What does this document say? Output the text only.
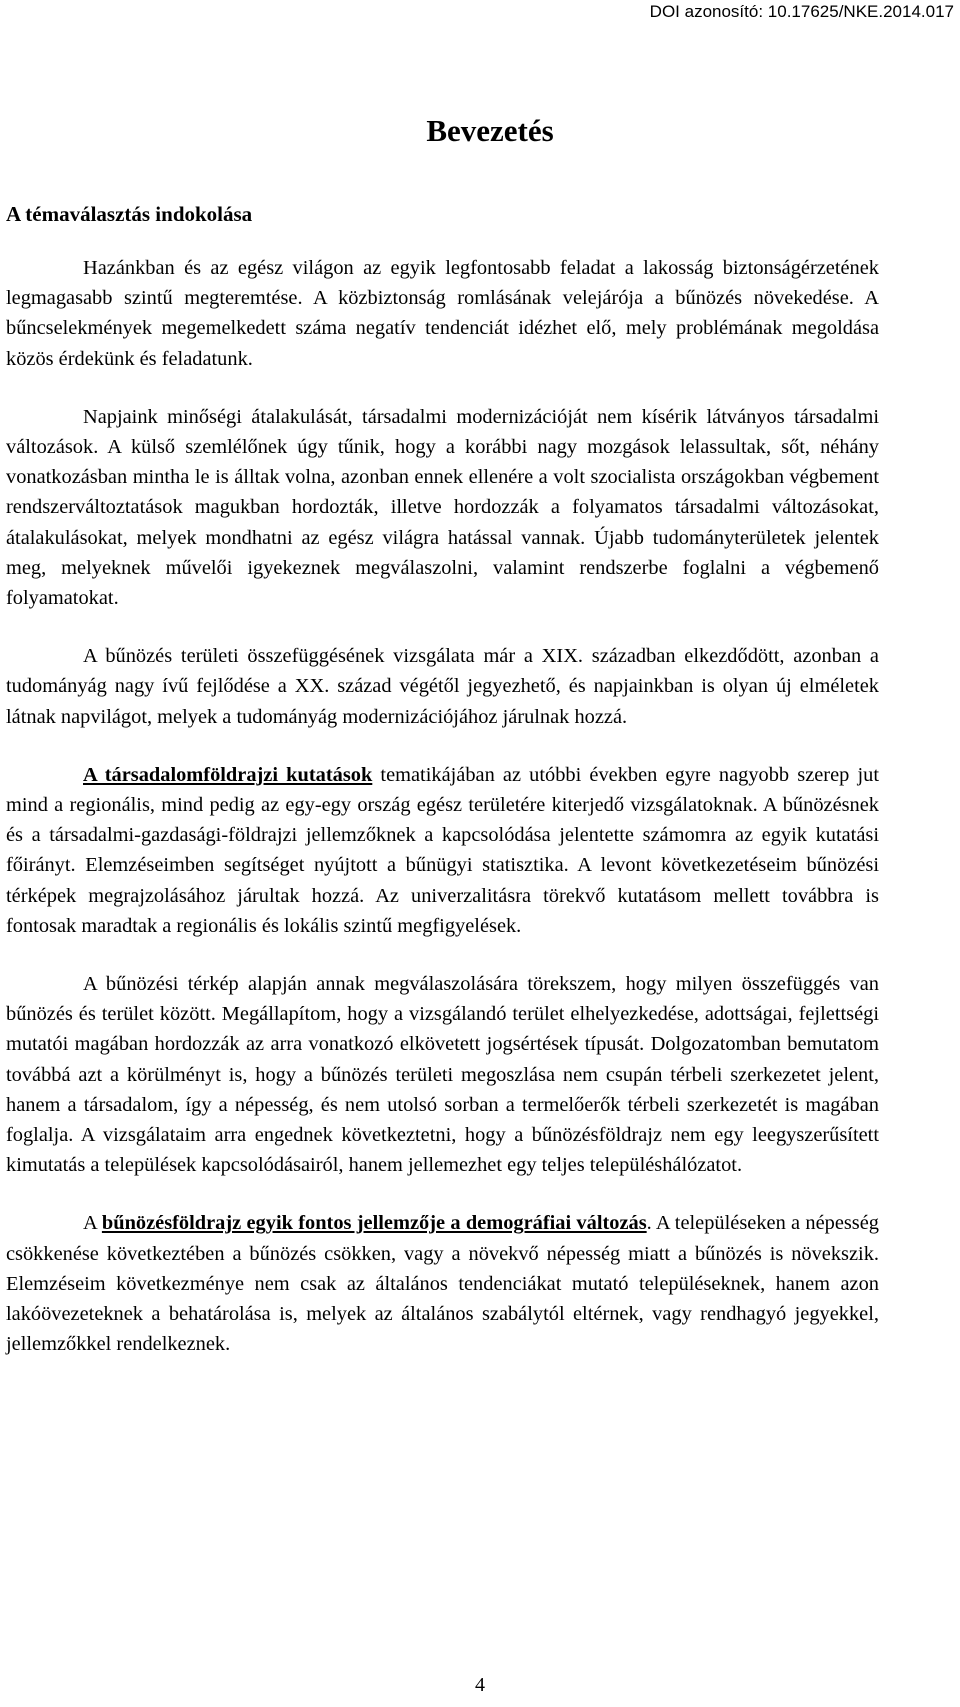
DOI azonosító: 10.17625/NKE.2014.017
Bevezetés
A témaválasztás indokolása

Hazánkban és az egész világon az egyik legfontosabb feladat a lakosság biztonságérzetének legmagasabb szintű megteremtése. A közbiztonság romlásának velejárója a bűnözés növekedése. A bűncselekmények megemelkedett száma negatív tendenciát idézhet elő, mely problémának megoldása közös érdekünk és feladatunk.

Napjaink minőségi átalakulását, társadalmi modernizációját nem kísérik látványos társadalmi változások. A külső szemlélőnek úgy tűnik, hogy a korábbi nagy mozgások lelassultak, sőt, néhány vonatkozásban mintha le is álltak volna, azonban ennek ellenére a volt szocialista országokban végbement rendszerváltoztatások magukban hordozták, illetve hordozzák a folyamatos társadalmi változásokat, átalakulásokat, melyek mondhatni az egész világra hatással vannak. Újabb tudományterületek jelentek meg, melyeknek művelői igyekeznek megválaszolni, valamint rendszerbe foglalni a végbemenő folyamatokat.

A bűnözés területi összefüggésének vizsgálata már a XIX. században elkezdődött, azonban a tudományág nagy ívű fejlődése a XX. század végétől jegyezhető, és napjainkban is olyan új elméletek látnak napvilágot, melyek a tudományág modernizációjához járulnak hozzá.

A társadalomföldrajzi kutatások tematikájában az utóbbi években egyre nagyobb szerep jut mind a regionális, mind pedig az egy-egy ország egész területére kiterjedő vizsgálatoknak. A bűnözésnek és a társadalmi-gazdasági-földrajzi jellemzőknek a kapcsolódása jelentette számomra az egyik kutatási főirányt. Elemzéseimben segítséget nyújtott a bűnügyi statisztika. A levont következetéseim bűnözési térképek megrajzolásához járultak hozzá. Az univerzalitásra törekvő kutatásom mellett továbbra is fontosak maradtak a regionális és lokális szintű megfigyelések.

A bűnözési térkép alapján annak megválaszolására törekszem, hogy milyen összefüggés van bűnözés és terület között. Megállapítom, hogy a vizsgálandó terület elhelyezkedése, adottságai, fejlettségi mutatói magában hordozzák az arra vonatkozó elkövetett jogsértések típusát. Dolgozatomban bemutatom továbbá azt a körülményt is, hogy a bűnözés területi megoszlása nem csupán térbeli szerkezetet jelent, hanem a társadalom, így a népesség, és nem utolsó sorban a termelőerők térbeli szerkezetét is magában foglalja. A vizsgálataim arra engednek következtetni, hogy a bűnözésföldrajz nem egy leegyszerűsített kimutatás a települések kapcsolódásairól, hanem jellemezhet egy teljes településhálózatot.

A bűnözésföldrajz egyik fontos jellemzője a demográfiai változás. A településeken a népesség csökkenése következtében a bűnözés csökken, vagy a növekvő népesség miatt a bűnözés is növekszik. Elemzéseim következménye nem csak az általános tendenciákat mutató településeknek, hanem azon lakóövezeteknek a behatárolása is, melyek az általános szabálytól eltérnek, vagy rendhagyó jegyekkel, jellemzőkkel rendelkeznek.

4
